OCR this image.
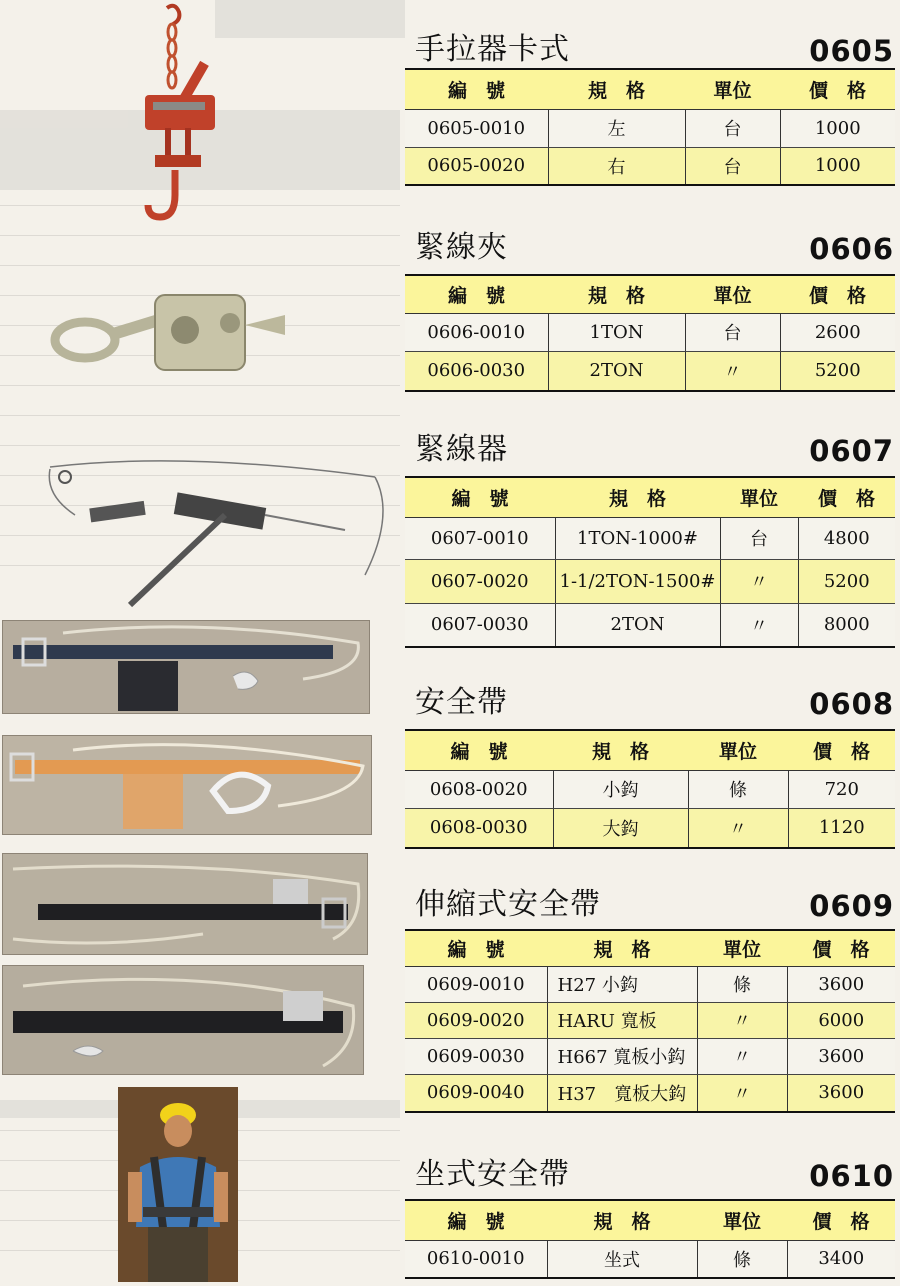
手拉器卡式	0605
編　號	規　格	單位	價　格
0605-0010	左	台	1000
0605-0020	右	台	1000
緊線夾	0606
編　號	規　格	單位	價　格
0606-0010	1TON	台	2600
0606-0030	2TON	〃	5200
緊線器	0607
編　號	規　格	單位	價　格
0607-0010	1TON-1000#	台	4800
0607-0020	1-1/2TON-1500#	〃	5200
0607-0030	2TON	〃	8000
安全帶	0608
編　號	規　格	單位	價　格
0608-0020	小鈎	條	720
0608-0030	大鈎	〃	1120
伸縮式安全帶	0609
編　號	規　格	單位	價　格
0609-0010	H27 小鈎	條	3600
0609-0020	HARU 寬板	〃	6000
0609-0030	H667 寬板小鈎	〃	3600
0609-0040	H37　寬板大鈎	〃	3600
坐式安全帶	0610
編　號	規　格	單位	價　格
0610-0010	坐式	條	3400
